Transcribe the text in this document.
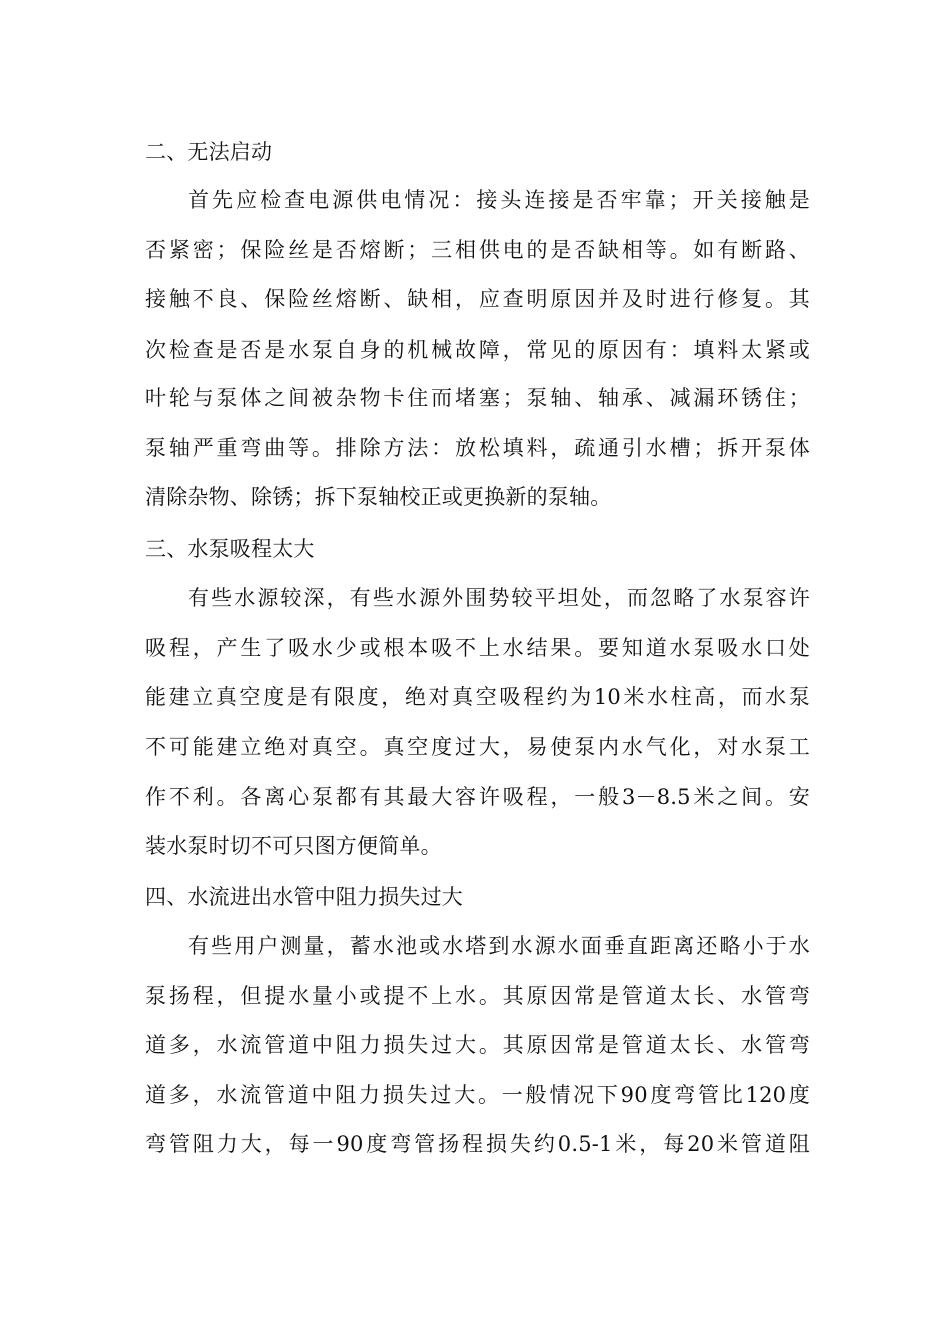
二、无法启动
首先应检查电源供电情况：接头连接是否牢靠；开关接触是
否紧密；保险丝是否熔断；三相供电的是否缺相等。如有断路、
接触不良、保险丝熔断、缺相，应查明原因并及时进行修复。其
次检查是否是水泵自身的机械故障，常见的原因有：填料太紧或
叶轮与泵体之间被杂物卡住而堵塞；泵轴、轴承、减漏环锈住；
泵轴严重弯曲等。排除方法：放松填料，疏通引水槽；拆开泵体
清除杂物、除锈；拆下泵轴校正或更换新的泵轴。
三、水泵吸程太大
有些水源较深，有些水源外围势较平坦处，而忽略了水泵容许
吸程，产生了吸水少或根本吸不上水结果。要知道水泵吸水口处
能建立真空度是有限度，绝对真空吸程约为10米水柱高，而水泵
不可能建立绝对真空。真空度过大，易使泵内水气化，对水泵工
作不利。各离心泵都有其最大容许吸程，一般3－8.5米之间。安
装水泵时切不可只图方便简单。
四、水流进出水管中阻力损失过大
有些用户测量，蓄水池或水塔到水源水面垂直距离还略小于水
泵扬程，但提水量小或提不上水。其原因常是管道太长、水管弯
道多，水流管道中阻力损失过大。其原因常是管道太长、水管弯
道多，水流管道中阻力损失过大。一般情况下90度弯管比120度
弯管阻力大，每一90度弯管扬程损失约0.5-1米，每20米管道阻
